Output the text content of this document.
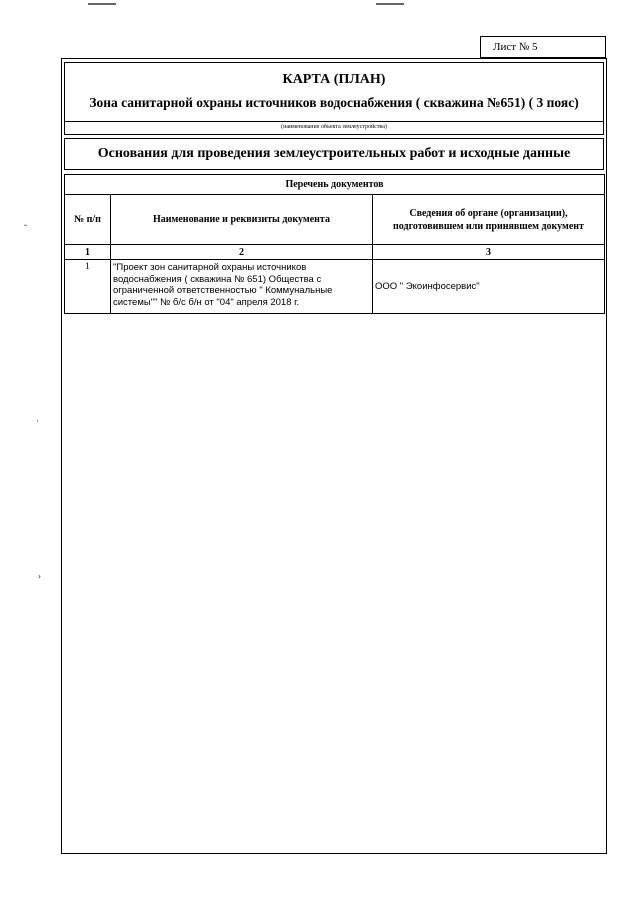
ˇ
·
›
Лист № 5
КАРТА (ПЛАН)
Зона санитарной охраны источников водоснабжения ( скважина №651) ( 3 пояс)
(наименование объекта землеустройства)
Основания для проведения землеустроительных работ и исходные данные
Перечень документов		
№ п/п	Наименование и реквизиты документа	Сведения об органе (организации), подготовившем или принявшем документ
1	2	3
1	"Проект зон санитарной охраны источников водоснабжения ( скважина № 651) Общества с ограниченной ответственностью " Коммунальные системы"" № б/с б/н от "04" апреля 2018 г.	ООО " Экоинфосервис"
